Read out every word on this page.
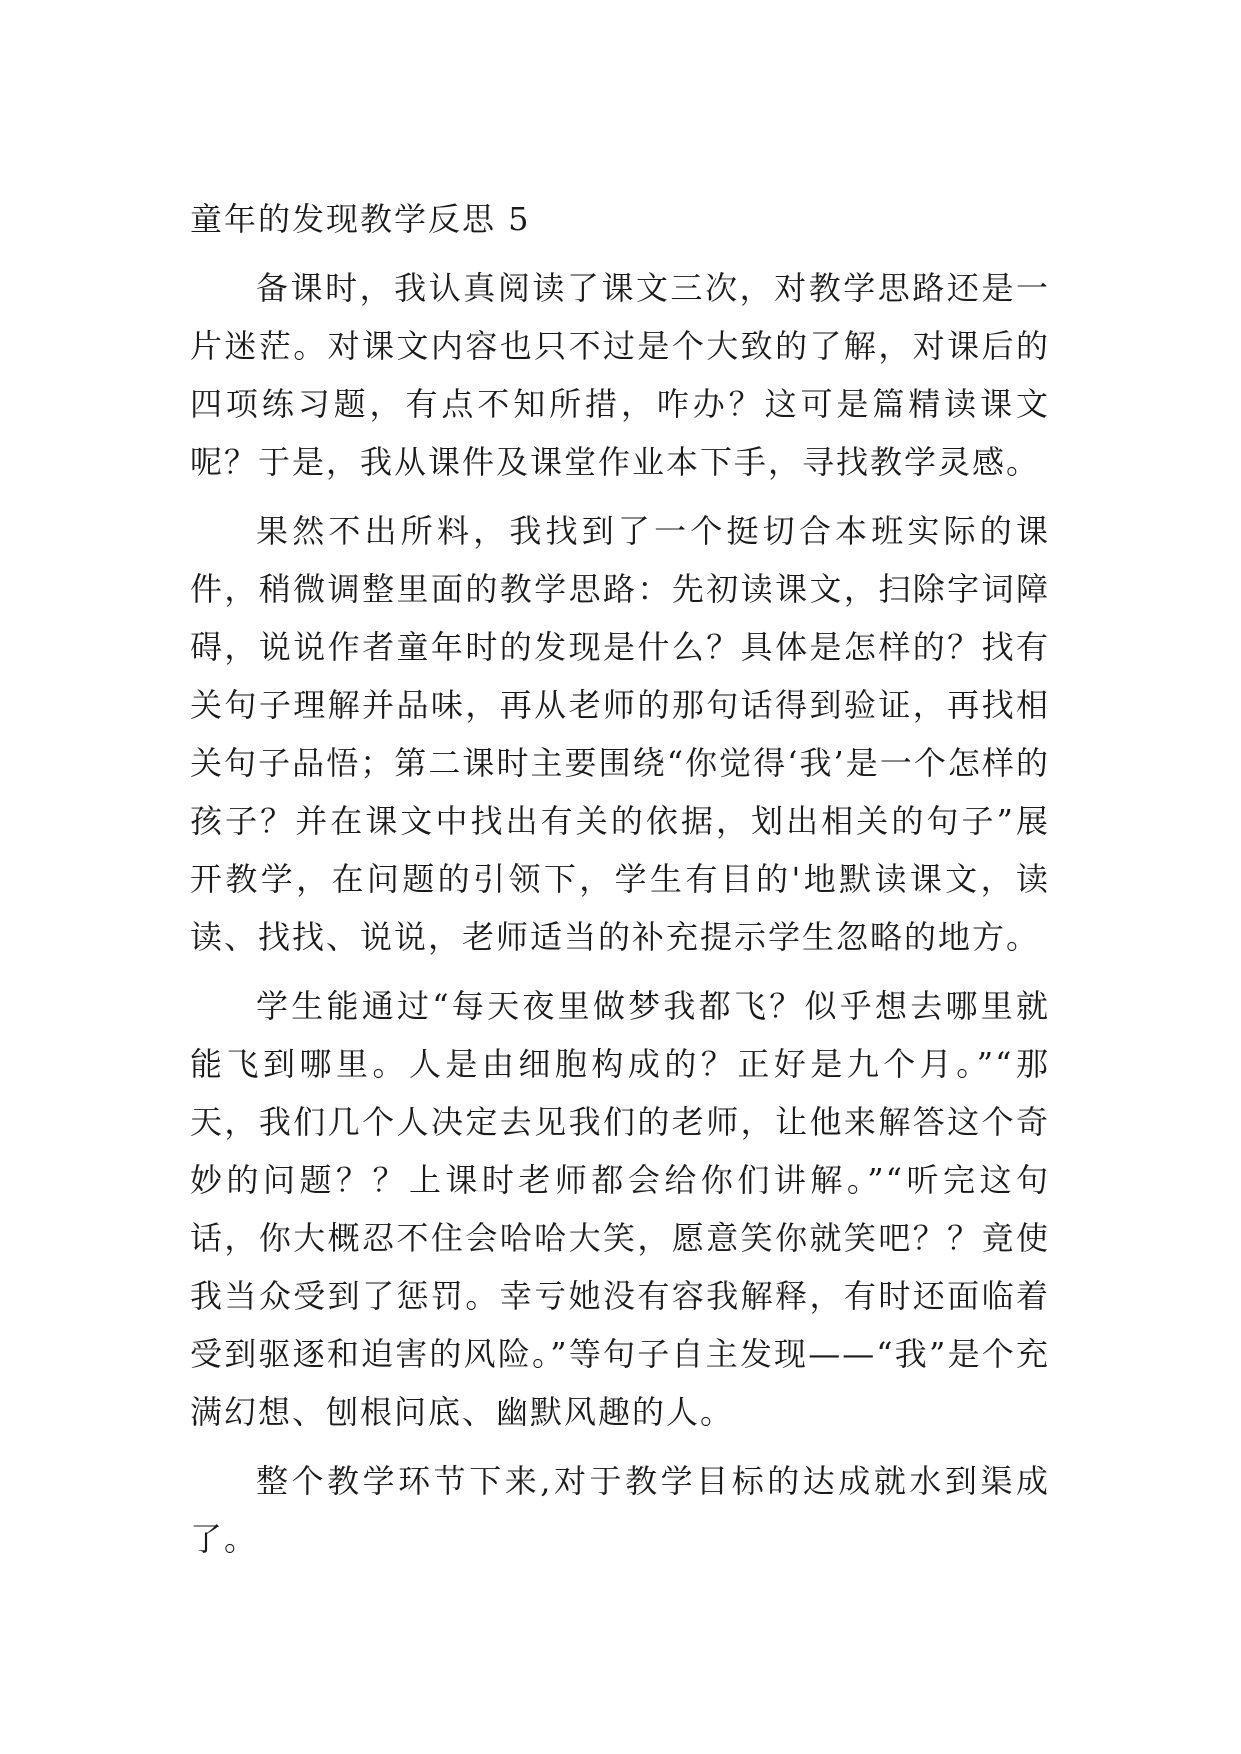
童年的发现教学反思 5

备课时，我认真阅读了课文三次，对教学思路还是一片迷茫。对课文内容也只不过是个大致的了解，对课后的四项练习题，有点不知所措，咋办？这可是篇精读课文呢？于是，我从课件及课堂作业本下手，寻找教学灵感。

果然不出所料，我找到了一个挺切合本班实际的课件，稍微调整里面的教学思路：先初读课文，扫除字词障碍，说说作者童年时的发现是什么？具体是怎样的？找有关句子理解并品味，再从老师的那句话得到验证，再找相关句子品悟；第二课时主要围绕“你觉得‘我’是一个怎样的孩子？并在课文中找出有关的依据，划出相关的句子”展开教学，在问题的引领下，学生有目的'地默读课文，读读、找找、说说，老师适当的补充提示学生忽略的地方。

学生能通过“每天夜里做梦我都飞？似乎想去哪里就能飞到哪里。人是由细胞构成的？正好是九个月。”“那天，我们几个人决定去见我们的老师，让他来解答这个奇妙的问题？？上课时老师都会给你们讲解。”“听完这句话，你大概忍不住会哈哈大笑，愿意笑你就笑吧？？竟使我当众受到了惩罚。幸亏她没有容我解释，有时还面临着受到驱逐和迫害的风险。”等句子自主发现——“我”是个充满幻想、刨根问底、幽默风趣的人。

整个教学环节下来,对于教学目标的达成就水到渠成了。
